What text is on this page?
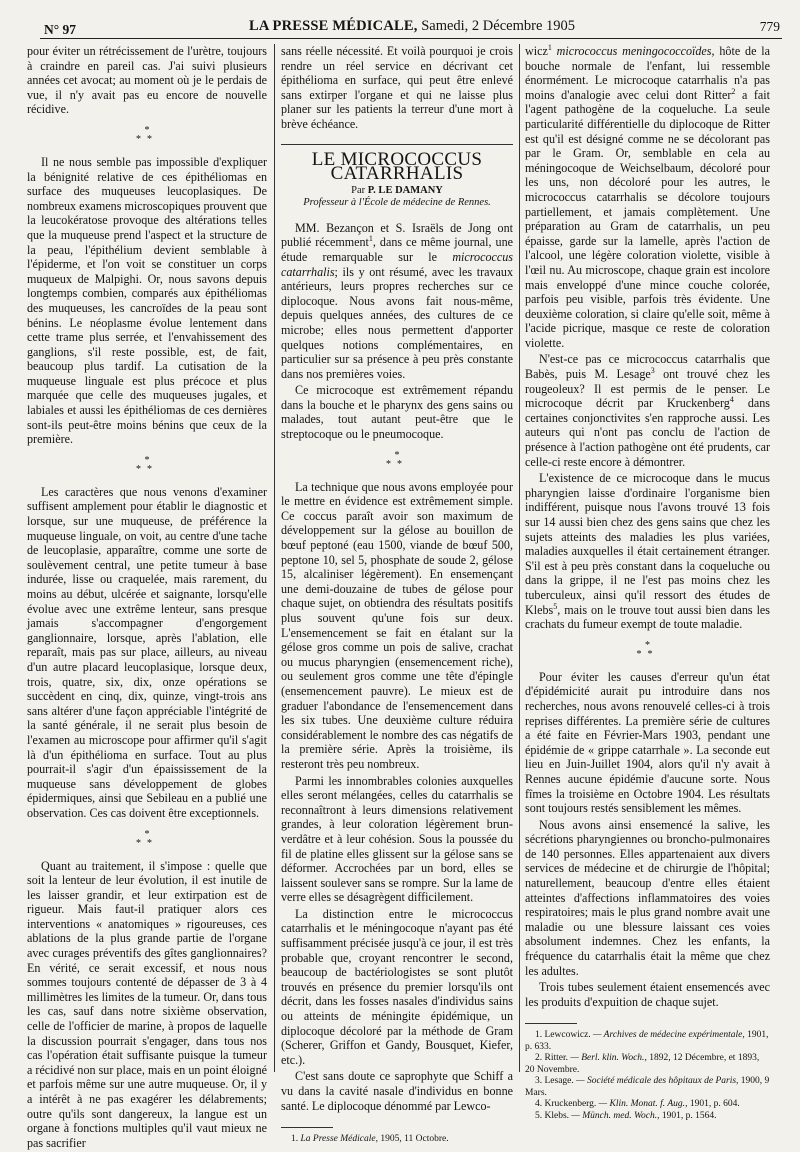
N° 97	LA PRESSE MÉDICALE, Samedi, 2 Décembre 1905	779

pour éviter un rétrécissement de l'urètre, toujours à craindre en pareil cas. J'ai suivi plusieurs années cet avocat; au moment où je le perdais de vue, il n'y avait pas eu encore de nouvelle récidive.

*
**

Il ne nous semble pas impossible d'expliquer la bénignité relative de ces épithéliomas en surface des muqueuses leucoplasiques. De nombreux examens microscopiques prouvent que la leucokératose provoque des altérations telles que la muqueuse prend l'aspect et la structure de la peau, l'épithélium devient semblable à l'épiderme, et l'on voit se constituer un corps muqueux de Malpighi. Or, nous savons depuis longtemps combien, comparés aux épithéliomas des muqueuses, les cancroïdes de la peau sont bénins. Le néoplasme évolue lentement dans cette trame plus serrée, et l'envahissement des ganglions, s'il reste possible, est, de fait, beaucoup plus tardif. La cutisation de la muqueuse linguale est plus précoce et plus marquée que celle des muqueuses jugales, et labiales et aussi les épithéliomas de ces dernières sont-ils peut-être moins bénins que ceux de la première.

*
**

Les caractères que nous venons d'examiner suffisent amplement pour établir le diagnostic et lorsque, sur une muqueuse, de préférence la muqueuse linguale, on voit, au centre d'une tache de leucoplasie, apparaître, comme une sorte de soulèvement central, une petite tumeur à base indurée, lisse ou craquelée, mais rarement, du moins au début, ulcérée et saignante, lorsqu'elle évolue avec une extrême lenteur, sans presque jamais s'accompagner d'engorgement ganglionnaire, lorsque, après l'ablation, elle reparaît, mais pas sur place, ailleurs, au niveau d'un autre placard leucoplasique, lorsque deux, trois, quatre, six, dix, onze opérations se succèdent en cinq, dix, quinze, vingt-trois ans sans altérer d'une façon appréciable l'intégrité de la santé générale, il ne serait plus besoin de l'examen au microscope pour affirmer qu'il s'agit là d'un épithélioma en surface. Tout au plus pourrait-il s'agir d'un épaississement de la muqueuse sans développement de globes épidermiques, ainsi que Sebileau en a publié une observation. Ces cas doivent être exceptionnels.

*
**

Quant au traitement, il s'impose : quelle que soit la lenteur de leur évolution, il est inutile de les laisser grandir, et leur extirpation est de rigueur. Mais faut-il pratiquer alors ces interventions « anatomiques » rigoureuses, ces ablations de la plus grande partie de l'organe avec curages préventifs des gîtes ganglionnaires? En vérité, ce serait excessif, et nous nous sommes toujours contenté de dépasser de 3 à 4 millimètres les limites de la tumeur. Or, dans tous les cas, sauf dans notre sixième observation, celle de l'officier de marine, à propos de laquelle la discussion pourrait s'engager, dans tous nos cas l'opération était suffisante puisque la tumeur a récidivé non sur place, mais en un point éloigné et parfois même sur une autre muqueuse. Or, il y a intérêt à ne pas exagérer les délabrements; outre qu'ils sont dangereux, la langue est un organe à fonctions multiples qu'il vaut mieux ne pas sacrifier

sans réelle nécessité. Et voilà pourquoi je crois rendre un réel service en décrivant cet épithélioma en surface, qui peut être enlevé sans extirper l'organe et qui ne laisse plus planer sur les patients la terreur d'une mort à brève échéance.

LE MICROCOCCUS CATARRHALIS
Par P. LE DAMANY
Professeur à l'École de médecine de Rennes.

MM. Bezançon et S. Israëls de Jong ont publié récemment$^1$, dans ce même journal, une étude remarquable sur le micrococcus catarrhalis; ils y ont résumé, avec les travaux antérieurs, leurs propres recherches sur ce diplocoque. Nous avons fait nous-même, depuis quelques années, des cultures de ce microbe; elles nous permettent d'apporter quelques notions complémentaires, en particulier sur sa présence à peu près constante dans nos premières voies.

Ce microcoque est extrêmement répandu dans la bouche et le pharynx des gens sains ou malades, tout autant peut-être que le streptocoque ou le pneumocoque.

*
**

La technique que nous avons employée pour le mettre en évidence est extrêmement simple. Ce coccus paraît avoir son maximum de développement sur la gélose au bouillon de bœuf peptoné (eau 1500, viande de bœuf 500, peptone 10, sel 5, phosphate de soude 2, gélose 15, alcaliniser légèrement). En ensemençant une demi-douzaine de tubes de gélose pour chaque sujet, on obtiendra des résultats positifs plus souvent qu'une fois sur deux. L'ensemencement se fait en étalant sur la gélose gros comme un pois de salive, crachat ou mucus pharyngien (ensemencement riche), ou seulement gros comme une tête d'épingle (ensemencement pauvre). Le mieux est de graduer l'abondance de l'ensemencement dans les six tubes. Une deuxième culture réduira considérablement le nombre des cas négatifs de la première série. Après la troisième, ils resteront très peu nombreux.

Parmi les innombrables colonies auxquelles elles seront mélangées, celles du catarrhalis se reconnaîtront à leurs dimensions relativement grandes, à leur coloration légèrement brun-verdâtre et à leur cohésion. Sous la poussée du fil de platine elles glissent sur la gélose sans se déformer. Accrochées par un bord, elles se laissent soulever sans se rompre. Sur la lame de verre elles se désagrègent difficilement.

La distinction entre le micrococcus catarrhalis et le méningocoque n'ayant pas été suffisamment précisée jusqu'à ce jour, il est très probable que, croyant rencontrer le second, beaucoup de bactériologistes se sont plutôt trouvés en présence du premier lorsqu'ils ont décrit, dans les fosses nasales d'individus sains ou atteints de méningite épidémique, un diplocoque décoloré par la méthode de Gram (Scherer, Griffon et Gandy, Bousquet, Kiefer, etc.).

C'est sans doute ce saprophyte que Schiff a vu dans la cavité nasale d'individus en bonne santé. Le diplocoque dénommé par Lewco-

1. La Presse Médicale, 1905, 11 Octobre.

wicz$^1$ micrococcus meningococcoïdes, hôte de la bouche normale de l'enfant, lui ressemble énormément. Le microcoque catarrhalis n'a pas moins d'analogie avec celui dont Ritter$^2$ a fait l'agent pathogène de la coqueluche. La seule particularité différentielle du diplocoque de Ritter est qu'il est désigné comme ne se décolorant pas par le Gram. Or, semblable en cela au méningocoque de Weichselbaum, décoloré pour les uns, non décoloré pour les autres, le micrococcus catarrhalis se décolore toujours partiellement, et jamais complètement. Une préparation au Gram de catarrhalis, un peu épaisse, garde sur la lamelle, après l'action de l'alcool, une légère coloration violette, visible à l'œil nu. Au microscope, chaque grain est incolore mais enveloppé d'une mince couche colorée, parfois peu visible, parfois très évidente. Une deuxième coloration, si claire qu'elle soit, même à l'acide picrique, masque ce reste de coloration violette.

N'est-ce pas ce micrococcus catarrhalis que Babès, puis M. Lesage$^3$ ont trouvé chez les rougeoleux? Il est permis de le penser. Le microcoque décrit par Kruckenberg$^4$ dans certaines conjonctivites s'en rapproche aussi. Les auteurs qui n'ont pas conclu de l'action de présence à l'action pathogène ont été prudents, car celle-ci reste encore à démontrer.

L'existence de ce microcoque dans le mucus pharyngien laisse d'ordinaire l'organisme bien indifférent, puisque nous l'avons trouvé 13 fois sur 14 aussi bien chez des gens sains que chez les sujets atteints des maladies les plus variées, maladies auxquelles il était certainement étranger. S'il est à peu près constant dans la coqueluche ou dans la grippe, il ne l'est pas moins chez les tuberculeux, ainsi qu'il ressort des études de Klebs$^5$, mais on le trouve tout aussi bien dans les crachats du fumeur exempt de toute maladie.

*
**

Pour éviter les causes d'erreur qu'un état d'épidémicité aurait pu introduire dans nos recherches, nous avons renouvelé celles-ci à trois reprises différentes. La première série de cultures a été faite en Février-Mars 1903, pendant une épidémie de « grippe catarrhale ». La seconde eut lieu en Juin-Juillet 1904, alors qu'il n'y avait à Rennes aucune épidémie d'aucune sorte. Nous fîmes la troisième en Octobre 1904. Les résultats sont toujours restés sensiblement les mêmes.

Nous avons ainsi ensemencé la salive, les sécrétions pharyngiennes ou broncho-pulmonaires de 140 personnes. Elles appartenaient aux divers services de médecine et de chirurgie de l'hôpital; naturellement, beaucoup d'entre elles étaient atteintes d'affections inflammatoires des voies respiratoires; mais le plus grand nombre avait une maladie ou une blessure laissant ces voies absolument indemnes. Chez les enfants, la fréquence du catarrhalis était la même que chez les adultes.

Trois tubes seulement étaient ensemencés avec les produits d'expuition de chaque sujet.

1. Lewcowicz. — Archives de médecine expérimentale, 1901, p. 633.

2. Ritter. — Berl. klin. Woch., 1892, 12 Décembre, et 1893, 20 Novembre.

3. Lesage. — Société médicale des hôpitaux de Paris, 1900, 9 Mars.

4. Kruckenberg. — Klin. Monat. f. Aug., 1901, p. 604.

5. Klebs. — Münch. med. Woch., 1901, p. 1564.
